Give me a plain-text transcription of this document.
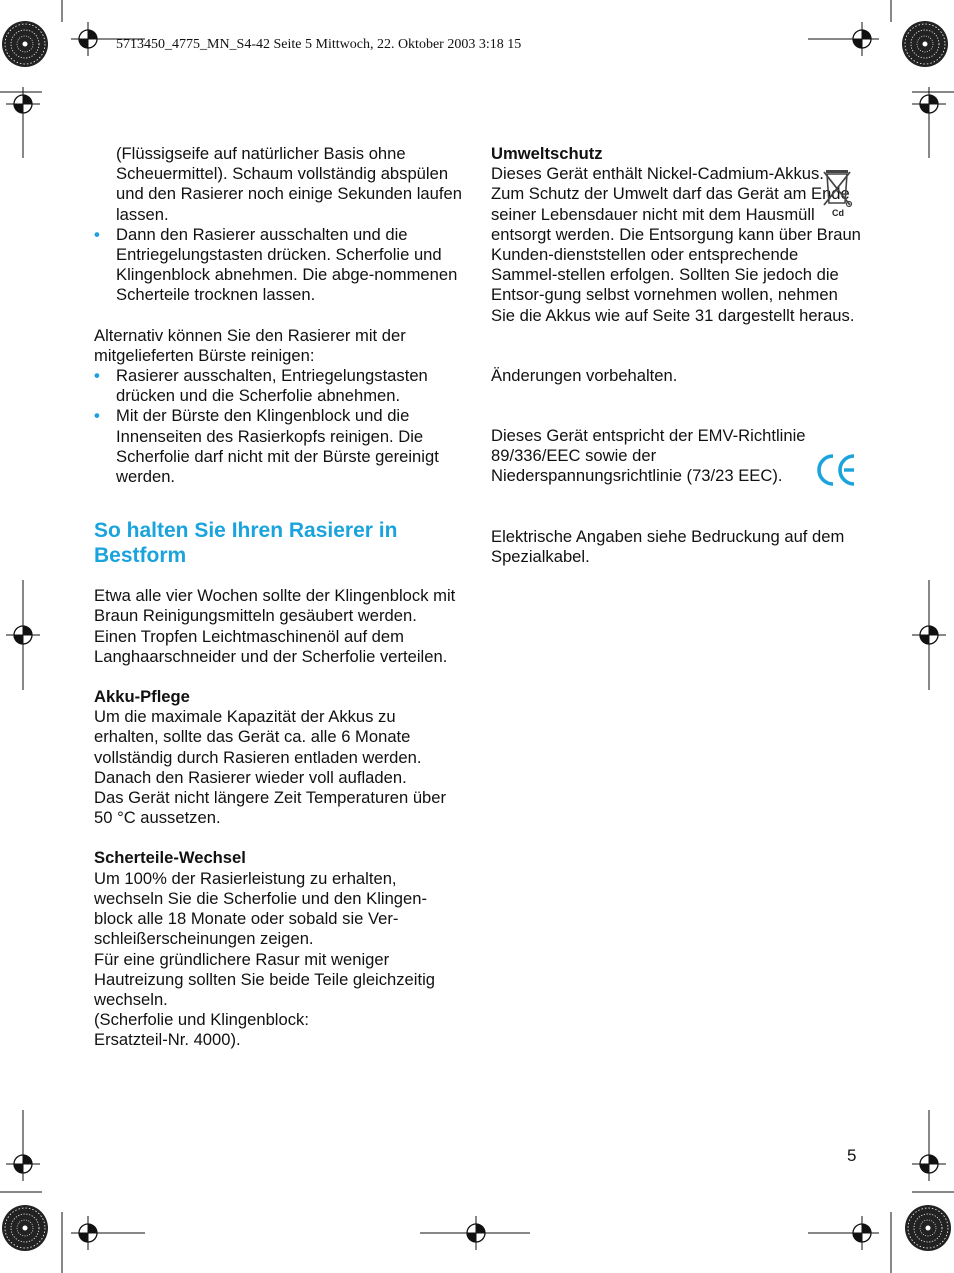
5713450_4775_MN_S4-42 Seite 5 Mittwoch, 22. Oktober 2003 3:18 15

(Flüssigseife auf natürlicher Basis ohne Scheuermittel). Schaum vollständig abspülen und den Rasierer noch einige Sekunden laufen lassen.

• Dann den Rasierer ausschalten und die Entriegelungstasten drücken. Scherfolie und Klingenblock abnehmen. Die abge-nommenen Scherteile trocknen lassen.

Alternativ können Sie den Rasierer mit der mitgelieferten Bürste reinigen:

• Rasierer ausschalten, Entriegelungstasten drücken und die Scherfolie abnehmen.
• Mit der Bürste den Klingenblock und die Innenseiten des Rasierkopfs reinigen. Die Scherfolie darf nicht mit der Bürste gereinigt werden.
So halten Sie Ihren Rasierer in Bestform

Etwa alle vier Wochen sollte der Klingenblock mit Braun Reinigungsmitteln gesäubert werden. Einen Tropfen Leichtmaschinenöl auf dem Langhaarschneider und der Scherfolie verteilen.

Akku-Pflege

Um die maximale Kapazität der Akkus zu erhalten, sollte das Gerät ca. alle 6 Monate vollständig durch Rasieren entladen werden. Danach den Rasierer wieder voll aufladen.

Das Gerät nicht längere Zeit Temperaturen über 50 °C aussetzen.

Scherteile-Wechsel

Um 100% der Rasierleistung zu erhalten, wechseln Sie die Scherfolie und den Klingen-block alle 18 Monate oder sobald sie Ver-schleißerscheinungen zeigen.

Für eine gründlichere Rasur mit weniger Hautreizung sollten Sie beide Teile gleichzeitig wechseln.

(Scherfolie und Klingenblock:

Ersatzteil-Nr. 4000).

Umweltschutz

Dieses Gerät enthält Nickel-Cadmium-Akkus. Zum Schutz der Umwelt darf das Gerät am Ende seiner Lebensdauer nicht mit dem Hausmüll entsorgt werden. Die Entsorgung kann über Braun Kunden-dienststellen oder entsprechende Sammel-stellen erfolgen. Sollten Sie jedoch die Entsor-gung selbst vornehmen wollen, nehmen Sie die Akkus wie auf Seite 31 dargestellt heraus.

Änderungen vorbehalten.

Dieses Gerät entspricht der EMV-Richtlinie 89/336/EEC sowie der Niederspannungsrichtlinie (73/23 EEC).

Elektrische Angaben siehe Bedruckung auf dem Spezialkabel.

Cd
5
